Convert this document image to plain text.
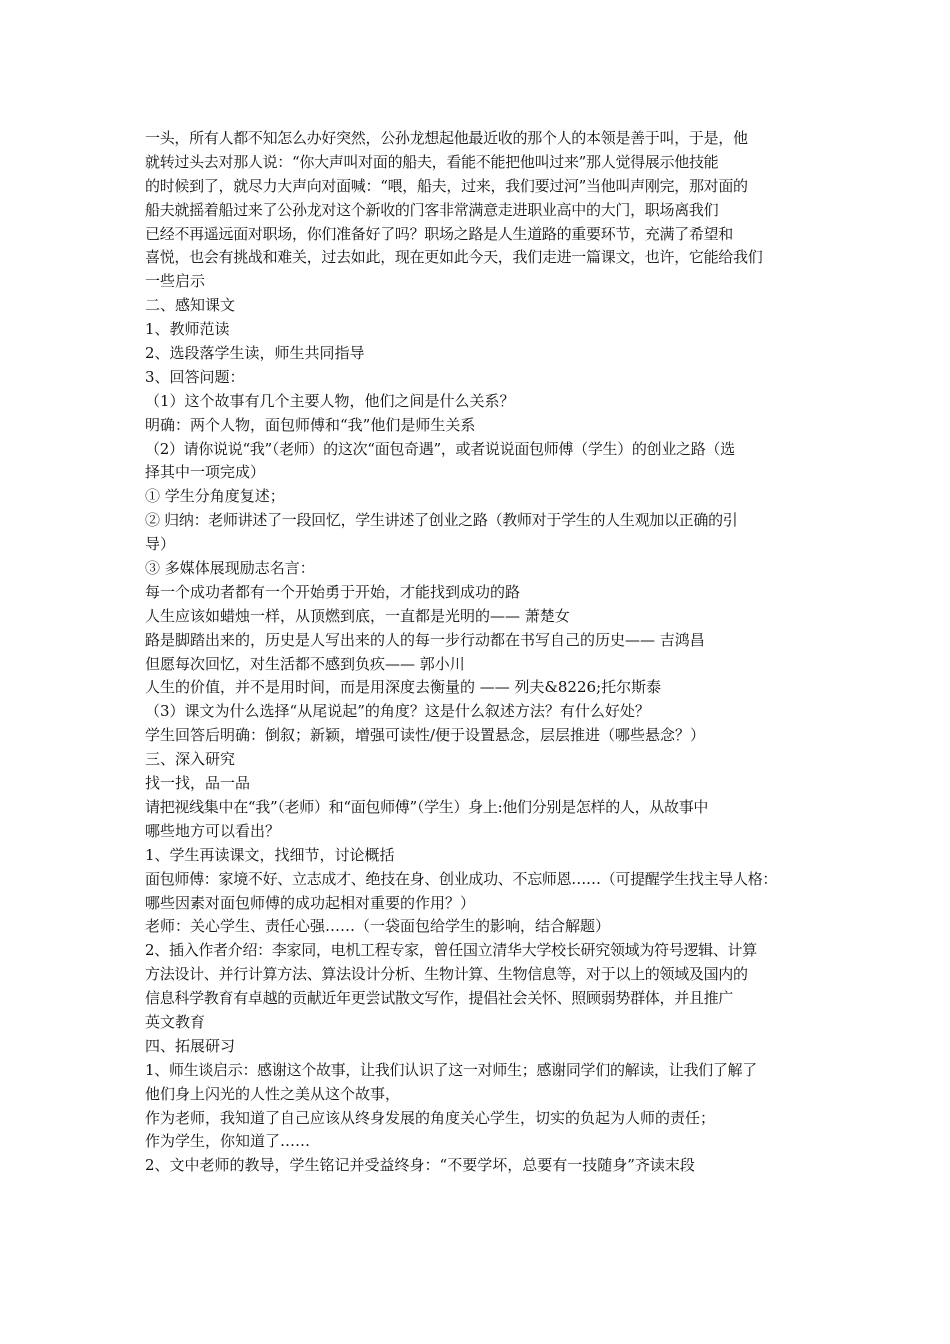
一头，所有人都不知怎么办好突然，公孙龙想起他最近收的那个人的本领是善于叫，于是，他
就转过头去对那人说：“你大声叫对面的船夫，看能不能把他叫过来”那人觉得展示他技能
的时候到了，就尽力大声向对面喊：“喂，船夫，过来，我们要过河”当他叫声刚完，那对面的
船夫就摇着船过来了公孙龙对这个新收的门客非常满意走进职业高中的大门，职场离我们
已经不再遥远面对职场，你们准备好了吗？职场之路是人生道路的重要环节，充满了希望和
喜悦，也会有挑战和难关，过去如此，现在更如此今天，我们走进一篇课文，也许，它能给我们
一些启示
二、感知课文
1、教师范读
2、选段落学生读，师生共同指导
3、回答问题：
（1）这个故事有几个主要人物，他们之间是什么关系？
明确：两个人物，面包师傅和“我”他们是师生关系
（2）请你说说“我”（老师）的这次“面包奇遇”，或者说说面包师傅（学生）的创业之路（选
择其中一项完成）
① 学生分角度复述；
② 归纳：老师讲述了一段回忆，学生讲述了创业之路（教师对于学生的人生观加以正确的引
导）
③ 多媒体展现励志名言：
每一个成功者都有一个开始勇于开始，才能找到成功的路
人生应该如蜡烛一样，从顶燃到底，一直都是光明的—— 萧楚女
路是脚踏出来的，历史是人写出来的人的每一步行动都在书写自己的历史—— 吉鸿昌
但愿每次回忆，对生活都不感到负疚—— 郭小川
人生的价值，并不是用时间，而是用深度去衡量的 —— 列夫&8226;托尔斯泰
（3）课文为什么选择“从尾说起”的角度？这是什么叙述方法？有什么好处？
学生回答后明确：倒叙；新颖，增强可读性/便于设置悬念，层层推进（哪些悬念？）
三、深入研究
找一找，品一品
请把视线集中在“我”（老师）和“面包师傅”（学生）身上:他们分别是怎样的人，从故事中
哪些地方可以看出？
1、学生再读课文，找细节，讨论概括
面包师傅：家境不好、立志成才、绝技在身、创业成功、不忘师恩……（可提醒学生找主导人格：
哪些因素对面包师傅的成功起相对重要的作用？）
老师：关心学生、责任心强……（一袋面包给学生的影响，结合解题）
2、插入作者介绍：李家同，电机工程专家，曾任国立清华大学校长研究领域为符号逻辑、计算
方法设计、并行计算方法、算法设计分析、生物计算、生物信息等，对于以上的领域及国内的
信息科学教育有卓越的贡献近年更尝试散文写作，提倡社会关怀、照顾弱势群体，并且推广
英文教育
四、拓展研习
1、师生谈启示：感谢这个故事，让我们认识了这一对师生；感谢同学们的解读，让我们了解了
他们身上闪光的人性之美从这个故事，
作为老师，我知道了自己应该从终身发展的角度关心学生，切实的负起为人师的责任；
作为学生，你知道了……
2、文中老师的教导，学生铭记并受益终身：“不要学坏，总要有一技随身”齐读末段
